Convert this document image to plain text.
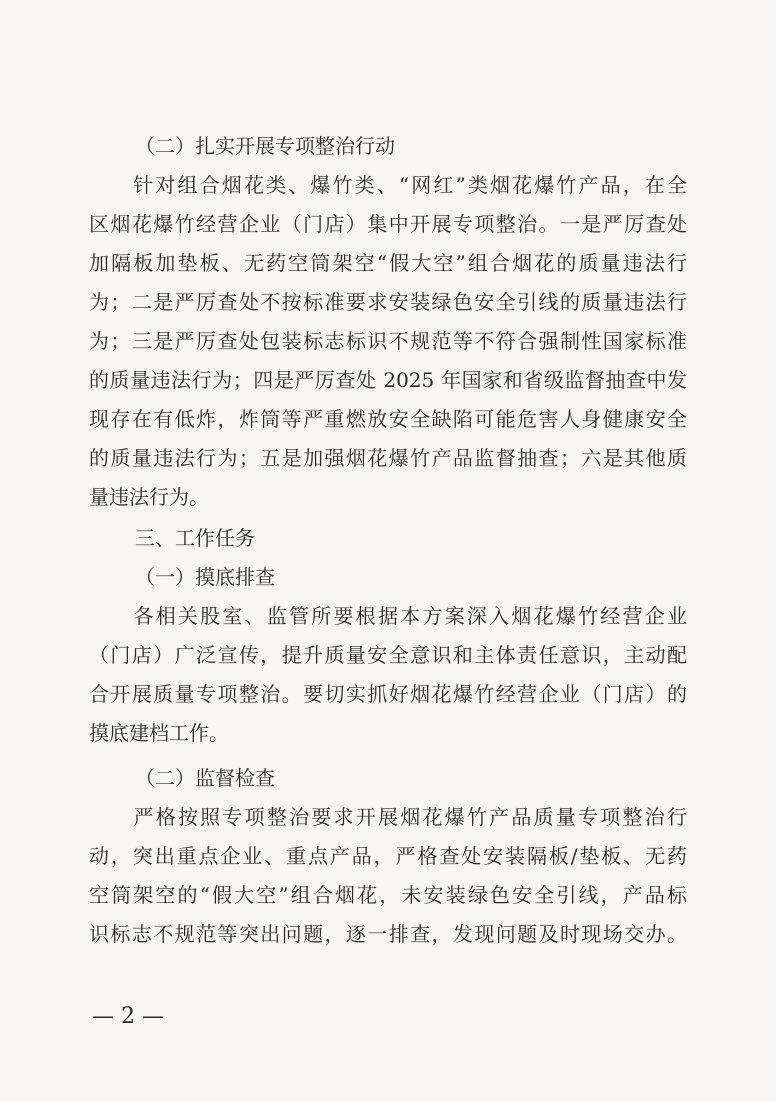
（二）扎实开展专项整治行动
　　针对组合烟花类、爆竹类、“网红”类烟花爆竹产品，在全
区烟花爆竹经营企业（门店）集中开展专项整治。一是严厉查处
加隔板加垫板、无药空筒架空“假大空”组合烟花的质量违法行
为；二是严厉查处不按标准要求安装绿色安全引线的质量违法行
为；三是严厉查处包装标志标识不规范等不符合强制性国家标准
的质量违法行为；四是严厉查处 2025 年国家和省级监督抽查中发
现存在有低炸，炸筒等严重燃放安全缺陷可能危害人身健康安全
的质量违法行为；五是加强烟花爆竹产品监督抽查；六是其他质
量违法行为。
三、工作任务
（一）摸底排查
　　各相关股室、监管所要根据本方案深入烟花爆竹经营企业
（门店）广泛宣传，提升质量安全意识和主体责任意识，主动配
合开展质量专项整治。要切实抓好烟花爆竹经营企业（门店）的
摸底建档工作。
（二）监督检查
　　严格按照专项整治要求开展烟花爆竹产品质量专项整治行
动，突出重点企业、重点产品，严格查处安装隔板/垫板、无药
空筒架空的“假大空”组合烟花，未安装绿色安全引线，产品标
识标志不规范等突出问题，逐一排查，发现问题及时现场交办。
— 2 —
